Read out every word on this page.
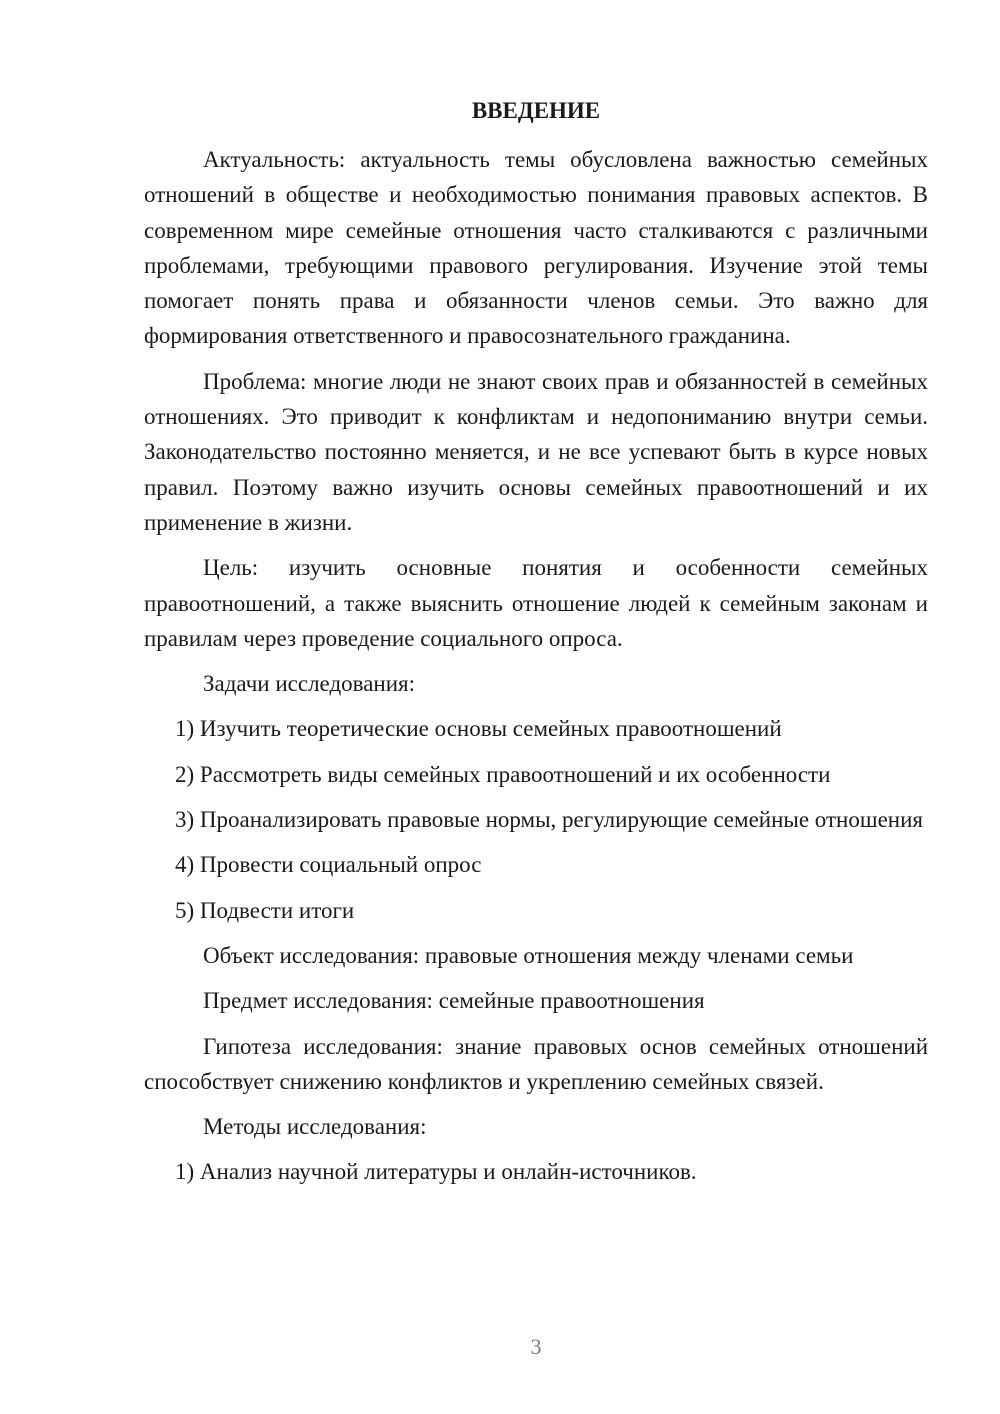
ВВЕДЕНИЕ

Актуальность: актуальность темы обусловлена важностью семейных отношений в обществе и необходимостью понимания правовых аспектов. В современном мире семейные отношения часто сталкиваются с различными проблемами, требующими правового регулирования. Изучение этой темы помогает понять права и обязанности членов семьи. Это важно для формирования ответственного и правосознательного гражданина.

Проблема: многие люди не знают своих прав и обязанностей в семейных отношениях. Это приводит к конфликтам и недопониманию внутри семьи. Законодательство постоянно меняется, и не все успевают быть в курсе новых правил. Поэтому важно изучить основы семейных правоотношений и их применение в жизни.

Цель: изучить основные понятия и особенности семейных правоотношений, а также выяснить отношение людей к семейным законам и правилам через проведение социального опроса.

Задачи исследования:

1) Изучить теоретические основы семейных правоотношений

2) Рассмотреть виды семейных правоотношений и их особенности

3) Проанализировать правовые нормы, регулирующие семейные отношения

4) Провести социальный опрос

5) Подвести итоги

Объект исследования: правовые отношения между членами семьи

Предмет исследования: семейные правоотношения

Гипотеза исследования: знание правовых основ семейных отношений способствует снижению конфликтов и укреплению семейных связей.

Методы исследования:

1) Анализ научной литературы и онлайн-источников.

3
